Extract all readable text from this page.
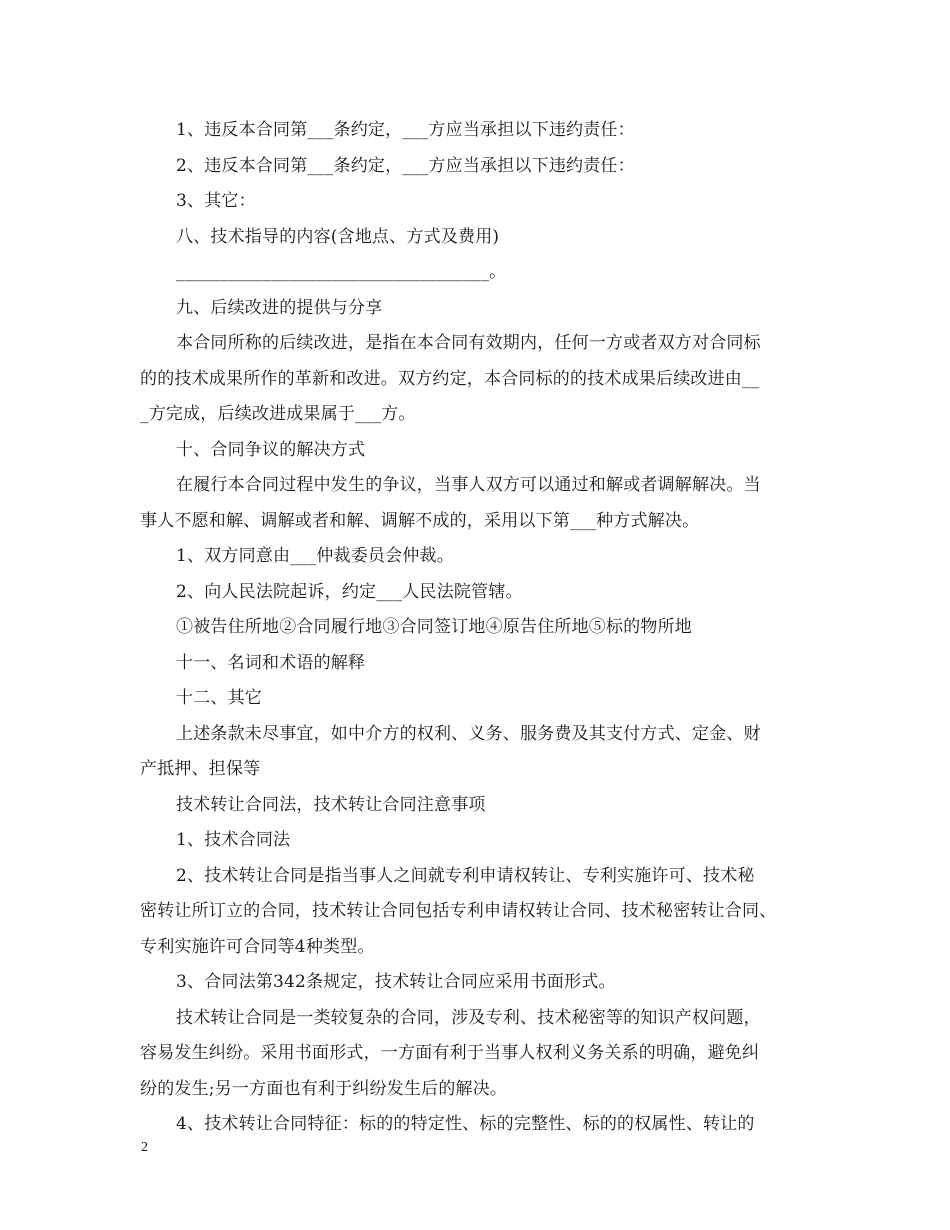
1、违反本合同第___条约定，___方应当承担以下违约责任：
2、违反本合同第___条约定，___方应当承担以下违约责任：
3、其它：
八、技术指导的内容(含地点、方式及费用)
____________________________________。
九、后续改进的提供与分享
本合同所称的后续改进，是指在本合同有效期内，任何一方或者双方对合同标
的的技术成果所作的革新和改进。双方约定，本合同标的的技术成果后续改进由__
_方完成，后续改进成果属于___方。
十、合同争议的解决方式
在履行本合同过程中发生的争议，当事人双方可以通过和解或者调解解决。当
事人不愿和解、调解或者和解、调解不成的，采用以下第___种方式解决。
1、双方同意由___仲裁委员会仲裁。
2、向人民法院起诉，约定___人民法院管辖。
①被告住所地②合同履行地③合同签订地④原告住所地⑤标的物所地
十一、名词和术语的解释
十二、其它
上述条款未尽事宜，如中介方的权利、义务、服务费及其支付方式、定金、财
产抵押、担保等
技术转让合同法，技术转让合同注意事项
1、技术合同法
2、技术转让合同是指当事人之间就专利申请权转让、专利实施许可、技术秘
密转让所订立的合同，技术转让合同包括专利申请权转让合同、技术秘密转让合同、
专利实施许可合同等4种类型。
3、合同法第342条规定，技术转让合同应采用书面形式。
技术转让合同是一类较复杂的合同，涉及专利、技术秘密等的知识产权问题，
容易发生纠纷。采用书面形式，一方面有利于当事人权利义务关系的明确，避免纠
纷的发生;另一方面也有利于纠纷发生后的解决。
4、技术转让合同特征：标的的特定性、标的完整性、标的的权属性、转让的
2
